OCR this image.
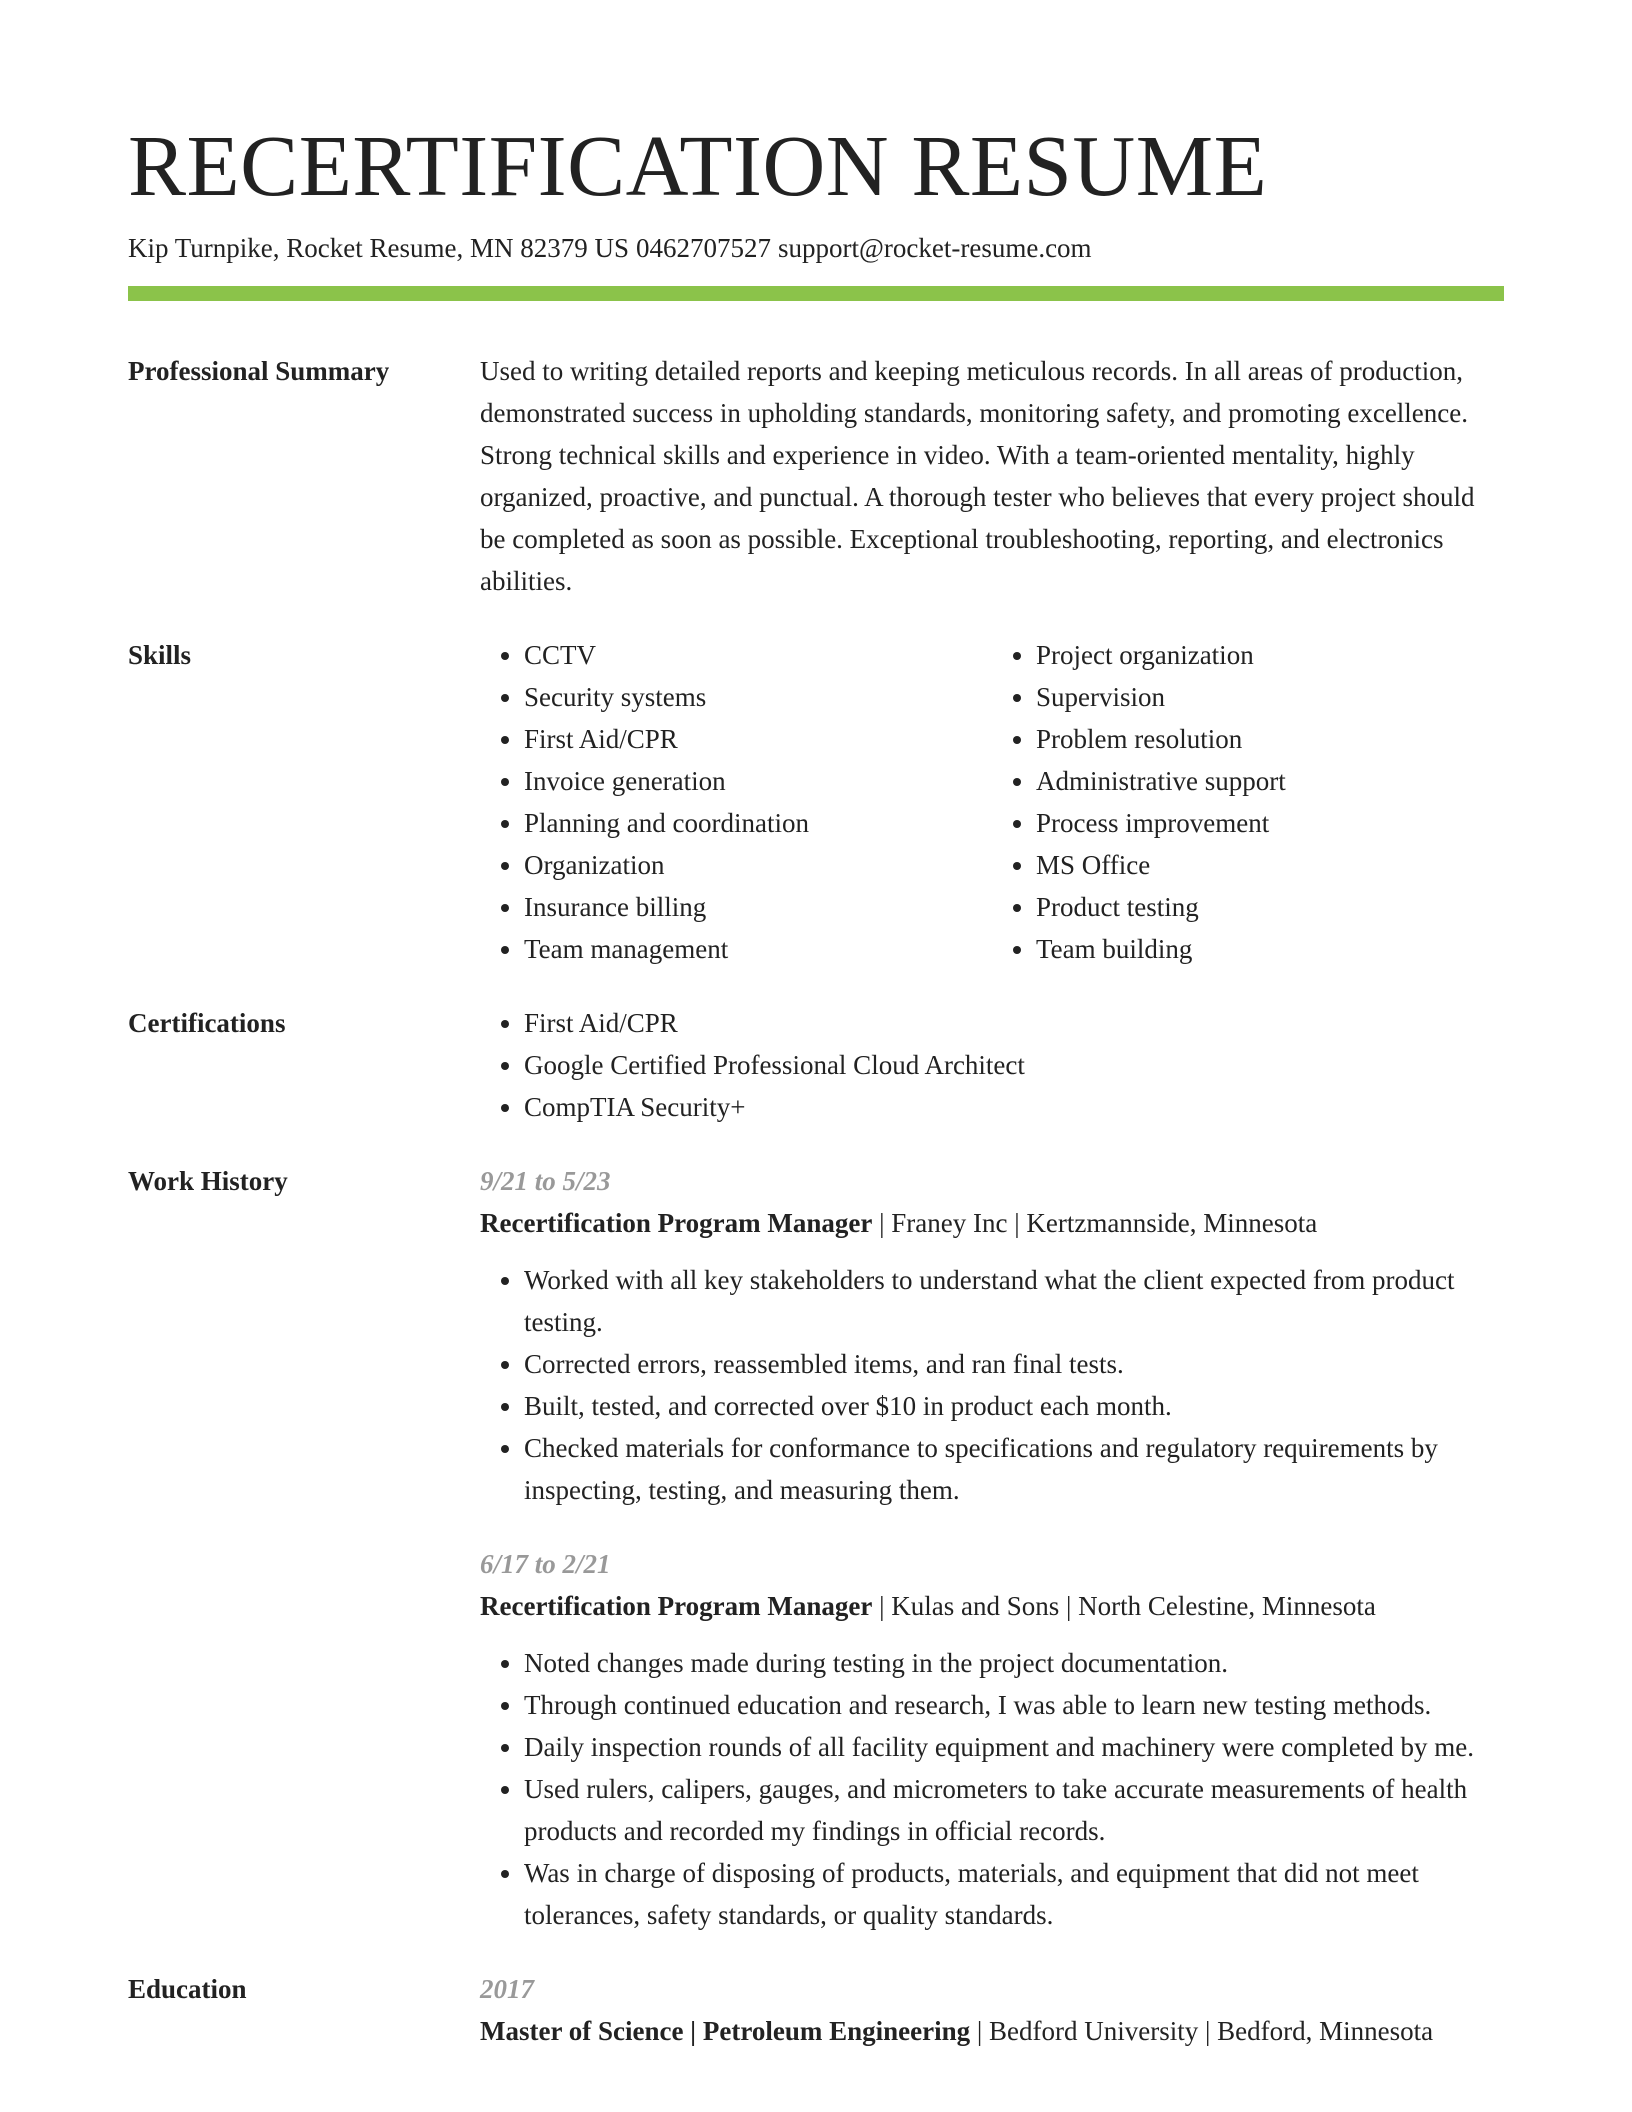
RECERTIFICATION RESUME
Kip Turnpike, Rocket Resume, MN 82379 US 0462707527 support@rocket-resume.com
Professional Summary	Used to writing detailed reports and keeping meticulous records. In all areas of production, demonstrated success in upholding standards, monitoring safety, and promoting excellence. Strong technical skills and experience in video. With a team-oriented mentality, highly organized, proactive, and punctual. A thorough tester who believes that every project should be completed as soon as possible. Exceptional troubleshooting, reporting, and electronics abilities.

Skills	• CCTV
• Security systems
• First Aid/CPR
• Invoice generation
• Planning and coordination
• Organization
• Insurance billing
• Team management
• Project organization
• Supervision
• Problem resolution
• Administrative support
• Process improvement
• MS Office
• Product testing
• Team building
Certifications	• First Aid/CPR
• Google Certified Professional Cloud Architect
• CompTIA Security+
Work History	9/21 to 5/23
Recertification Program Manager | Franey Inc | Kertzmannside, Minnesota
• Worked with all key stakeholders to understand what the client expected from product testing.
• Corrected errors, reassembled items, and ran final tests.
• Built, tested, and corrected over $10 in product each month.
• Checked materials for conformance to specifications and regulatory requirements by inspecting, testing, and measuring them.
6/17 to 2/21
Recertification Program Manager | Kulas and Sons | North Celestine, Minnesota
• Noted changes made during testing in the project documentation.
• Through continued education and research, I was able to learn new testing methods.
• Daily inspection rounds of all facility equipment and machinery were completed by me.
• Used rulers, calipers, gauges, and micrometers to take accurate measurements of health products and recorded my findings in official records.
• Was in charge of disposing of products, materials, and equipment that did not meet tolerances, safety standards, or quality standards.
Education	2017
Master of Science | Petroleum Engineering | Bedford University | Bedford, Minnesota
